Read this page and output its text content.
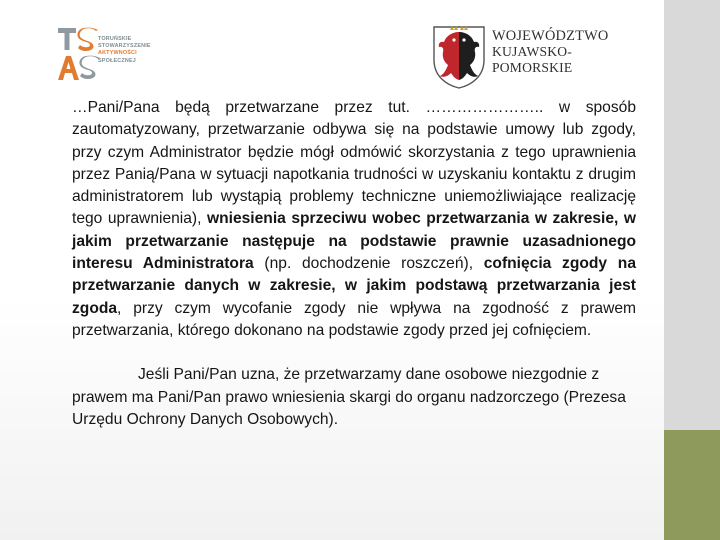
TORUŃSKIE
STOWARZYSZENIE
AKTYWNOŚCI
SPOŁECZNEJ
WOJEWÓDZTWO
KUJAWSKO-POMORSKIE

…Pani/Pana będą przetwarzane przez tut. ………………….. w sposób zautomatyzowany, przetwarzanie odbywa się na podstawie umowy lub zgody, przy czym Administrator będzie mógł odmówić skorzystania z tego uprawnienia przez Panią/Pana w sytuacji napotkania trudności w uzyskaniu kontaktu z drugim administratorem lub wystąpią problemy techniczne uniemożliwiające realizację tego uprawnienia), wniesienia sprzeciwu wobec przetwarzania w zakresie, w jakim przetwarzanie następuje na podstawie prawnie uzasadnionego interesu Administratora (np. dochodzenie roszczeń), cofnięcia zgody na przetwarzanie danych w zakresie, w jakim podstawą przetwarzania jest zgoda, przy czym wycofanie zgody nie wpływa na zgodność z prawem przetwarzania, którego dokonano na podstawie zgody przed jej cofnięciem.

Jeśli Pani/Pan uzna, że przetwarzamy dane osobowe niezgodnie z prawem ma Pani/Pan prawo wniesienia skargi do organu nadzorczego (Prezesa Urzędu Ochrony Danych Osobowych).
